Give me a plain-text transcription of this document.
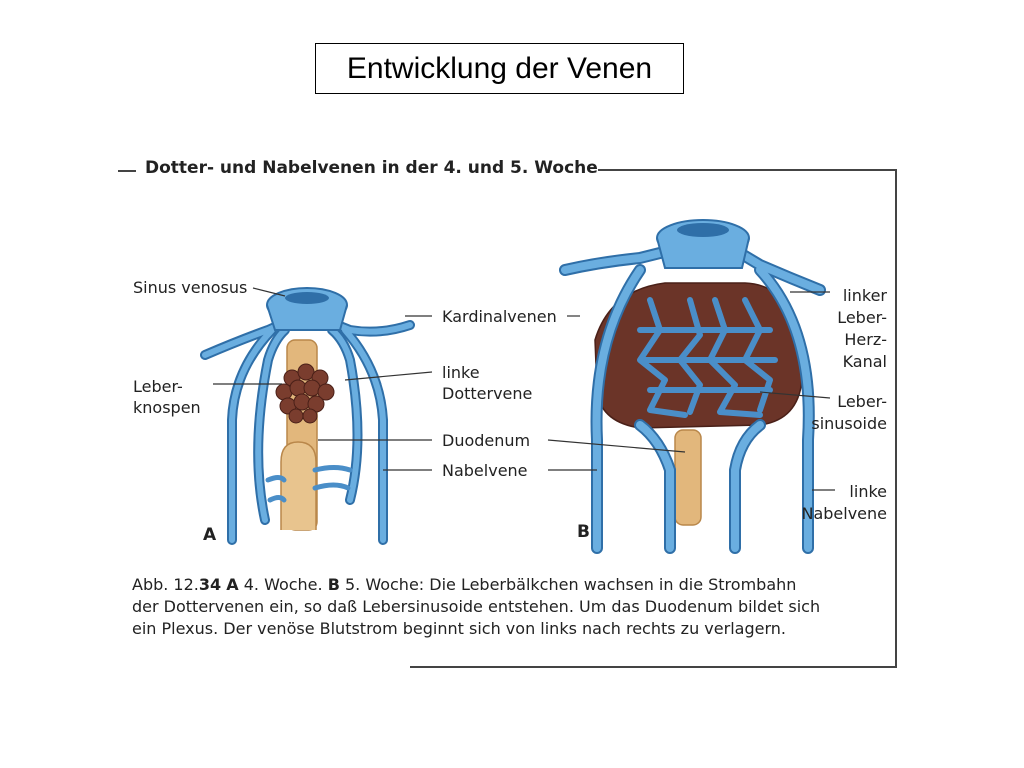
Entwicklung der Venen
Dotter- und Nabelvenen in der 4. und 5. Woche
Sinus venosus
Leber-
knospen
Kardinalvenen
linke
Dottervene
Duodenum
Nabelvene
linker
Leber-
Herz-
Kanal
Leber-
sinusoide
linke
Nabelvene
A	B
Abb. 12.34 A 4. Woche. B 5. Woche: Die Leberbälkchen wachsen in die Strombahn
der Dottervenen ein, so daß Lebersinusoide entstehen. Um das Duodenum bildet sich
ein Plexus. Der venöse Blutstrom beginnt sich von links nach rechts zu verlagern.
